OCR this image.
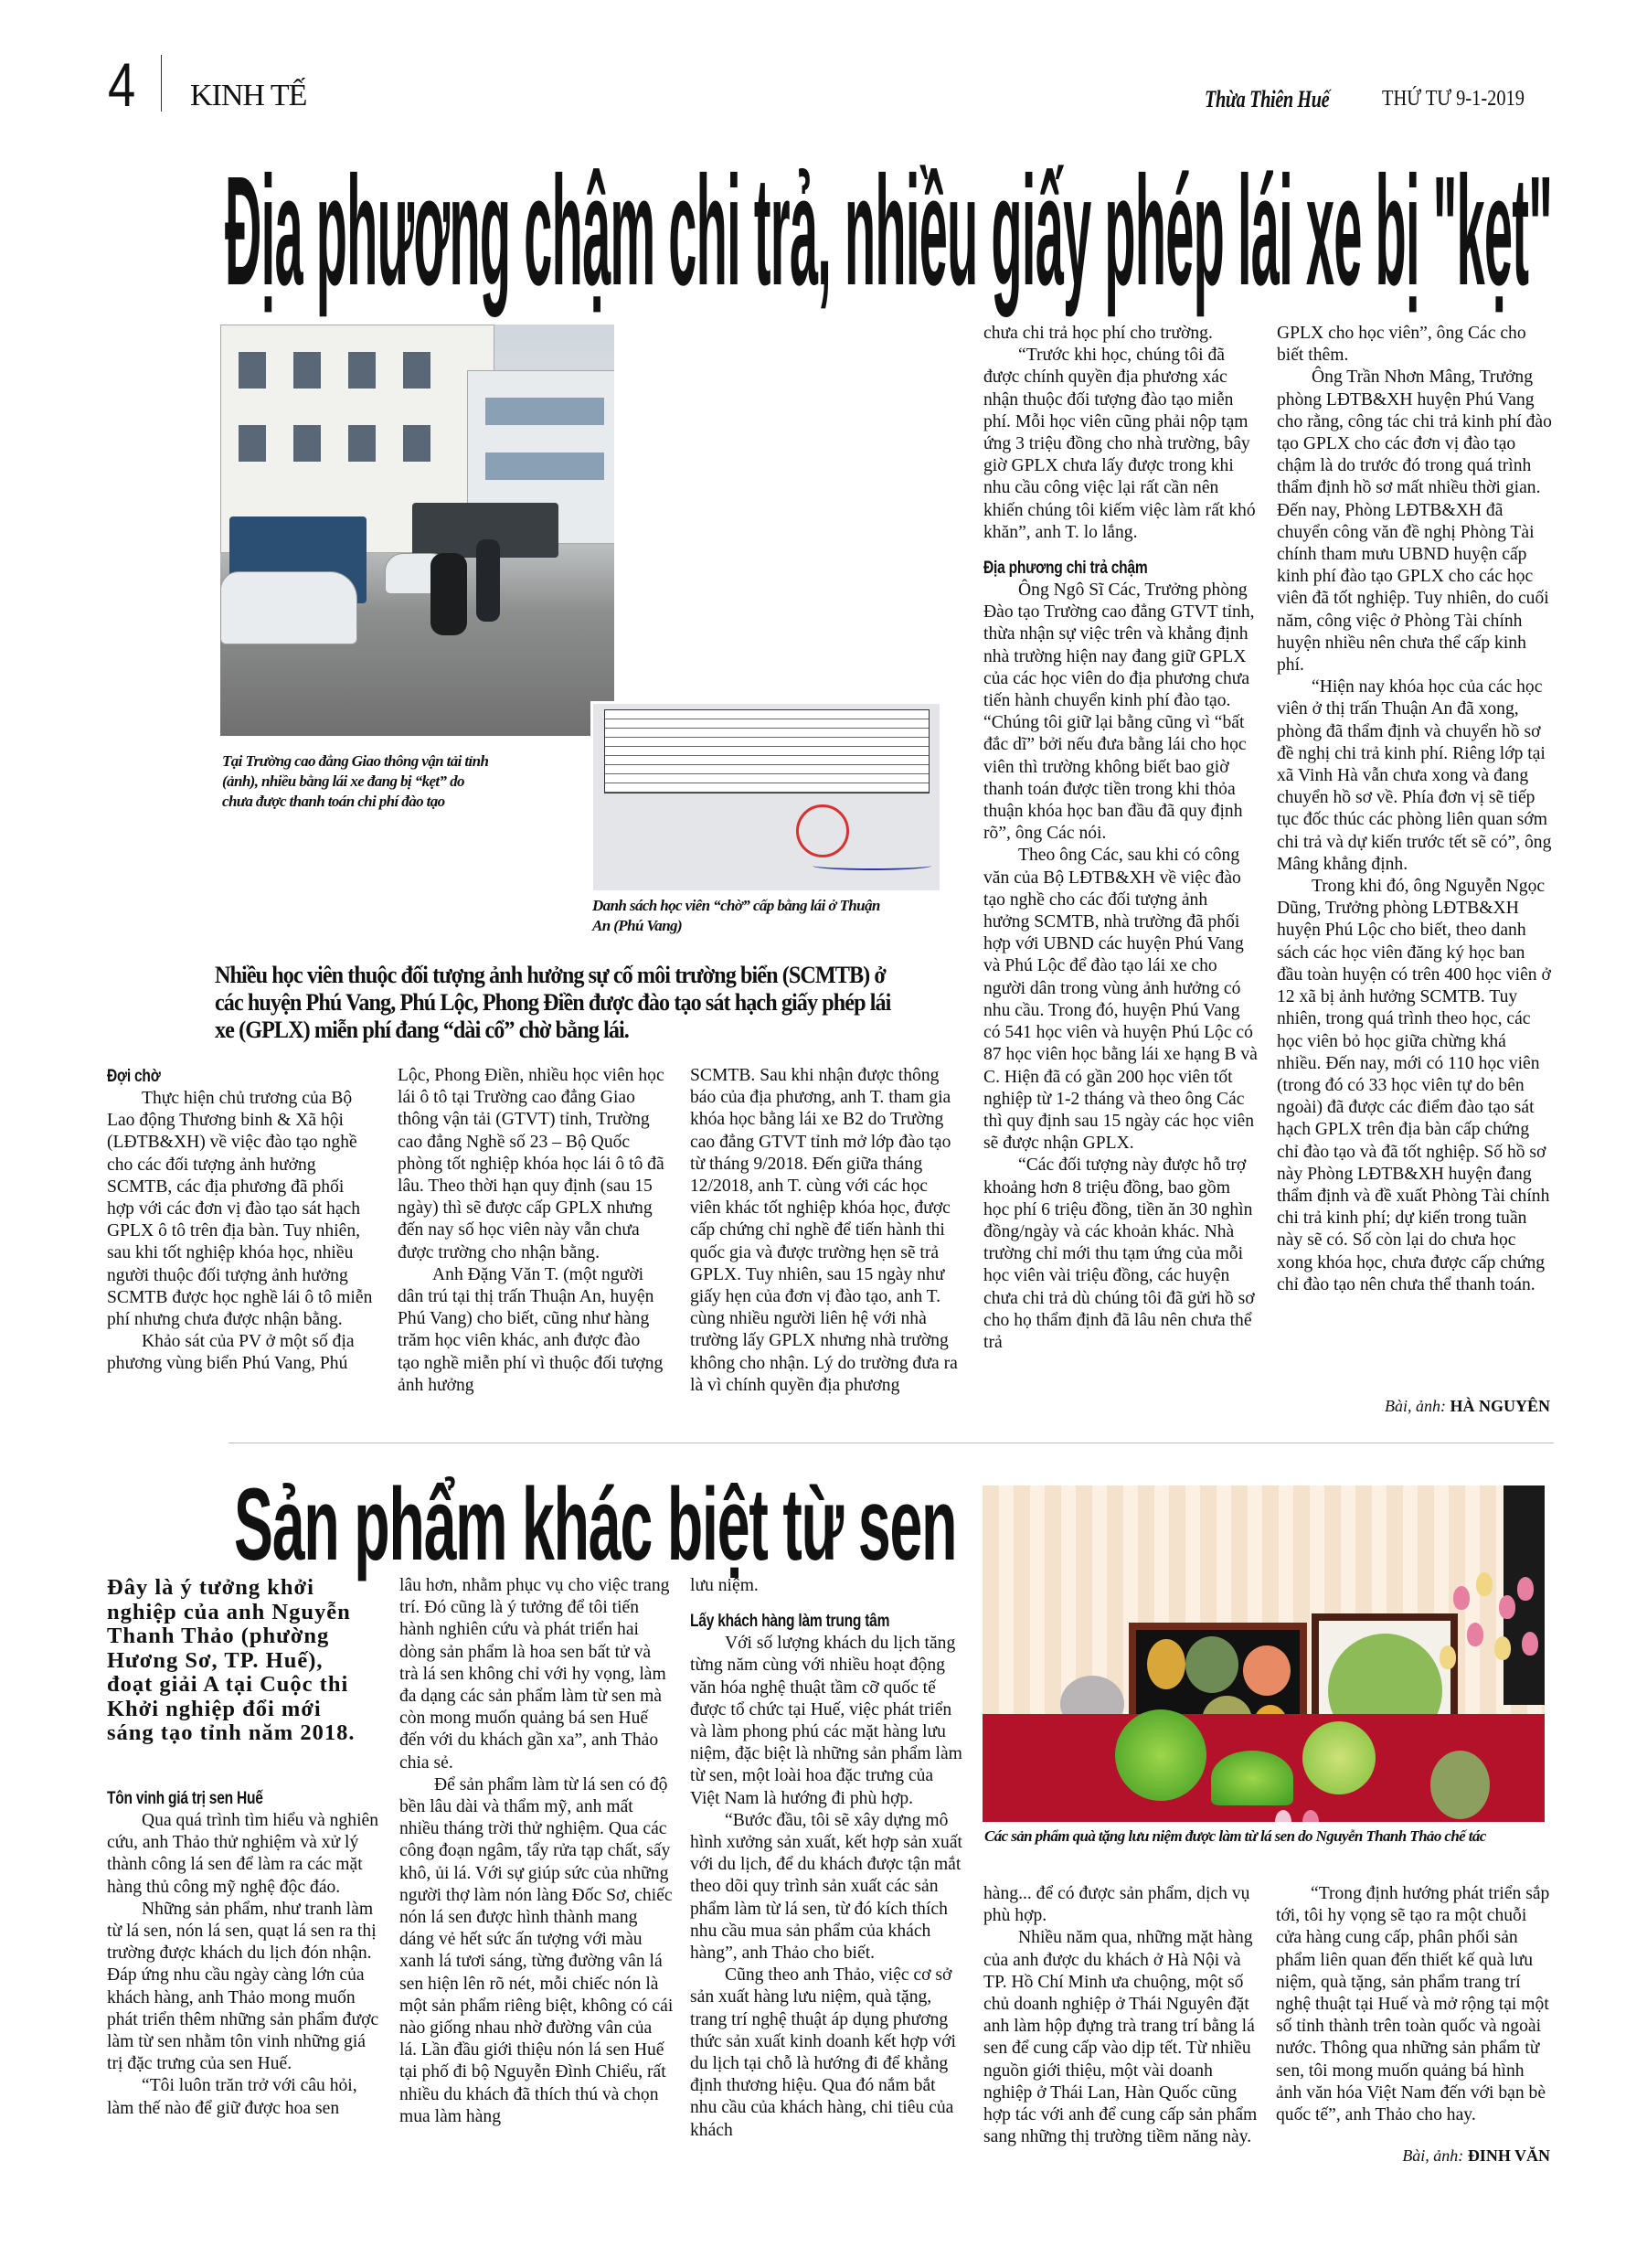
4 KINH TẾ	Thừa Thiên Huế THỨ TƯ 9-1-2019
Địa phương chậm chi trả, nhiều giấy phép lái xe bị "kẹt"
Tại Trường cao đẳng Giao thông vận tải tỉnh (ảnh), nhiều bằng lái xe đang bị “kẹt” do chưa được thanh toán chi phí đào tạo
Danh sách học viên “chờ” cấp bằng lái ở Thuận An (Phú Vang)
Nhiều học viên thuộc đối tượng ảnh hưởng sự cố môi trường biển (SCMTB) ở các huyện Phú Vang, Phú Lộc, Phong Điền được đào tạo sát hạch giấy phép lái xe (GPLX) miễn phí đang “dài cổ” chờ bằng lái.
Đợi chờ

Thực hiện chủ trương của Bộ Lao động Thương binh & Xã hội (LĐTB&XH) về việc đào tạo nghề cho các đối tượng ảnh hưởng SCMTB, các địa phương đã phối hợp với các đơn vị đào tạo sát hạch GPLX ô tô trên địa bàn. Tuy nhiên, sau khi tốt nghiệp khóa học, nhiều người thuộc đối tượng ảnh hưởng SCMTB được học nghề lái ô tô miễn phí nhưng chưa được nhận bằng.

Khảo sát của PV ở một số địa phương vùng biển Phú Vang, Phú

Lộc, Phong Điền, nhiều học viên học lái ô tô tại Trường cao đẳng Giao thông vận tải (GTVT) tỉnh, Trường cao đẳng Nghề số 23 – Bộ Quốc phòng tốt nghiệp khóa học lái ô tô đã lâu. Theo thời hạn quy định (sau 15 ngày) thì sẽ được cấp GPLX nhưng đến nay số học viên này vẫn chưa được trường cho nhận bằng.

Anh Đặng Văn T. (một người dân trú tại thị trấn Thuận An, huyện Phú Vang) cho biết, cũng như hàng trăm học viên khác, anh được đào tạo nghề miễn phí vì thuộc đối tượng ảnh hưởng

SCMTB. Sau khi nhận được thông báo của địa phương, anh T. tham gia khóa học bằng lái xe B2 do Trường cao đẳng GTVT tỉnh mở lớp đào tạo từ tháng 9/2018. Đến giữa tháng 12/2018, anh T. cùng với các học viên khác tốt nghiệp khóa học, được cấp chứng chỉ nghề để tiến hành thi quốc gia và được trường hẹn sẽ trả GPLX. Tuy nhiên, sau 15 ngày như giấy hẹn của đơn vị đào tạo, anh T. cùng nhiều người liên hệ với nhà trường lấy GPLX nhưng nhà trường không cho nhận. Lý do trường đưa ra là vì chính quyền địa phương

chưa chi trả học phí cho trường.

“Trước khi học, chúng tôi đã được chính quyền địa phương xác nhận thuộc đối tượng đào tạo miễn phí. Mỗi học viên cũng phải nộp tạm ứng 3 triệu đồng cho nhà trường, bây giờ GPLX chưa lấy được trong khi nhu cầu công việc lại rất cần nên khiến chúng tôi kiếm việc làm rất khó khăn”, anh T. lo lắng.

Địa phương chi trả chậm

Ông Ngô Sĩ Các, Trưởng phòng Đào tạo Trường cao đẳng GTVT tỉnh, thừa nhận sự việc trên và khẳng định nhà trường hiện nay đang giữ GPLX của các học viên do địa phương chưa tiến hành chuyển kinh phí đào tạo. “Chúng tôi giữ lại bằng cũng vì “bất đắc dĩ” bởi nếu đưa bằng lái cho học viên thì trường không biết bao giờ thanh toán được tiền trong khi thỏa thuận khóa học ban đầu đã quy định rõ”, ông Các nói.

Theo ông Các, sau khi có công văn của Bộ LĐTB&XH về việc đào tạo nghề cho các đối tượng ảnh hưởng SCMTB, nhà trường đã phối hợp với UBND các huyện Phú Vang và Phú Lộc để đào tạo lái xe cho người dân trong vùng ảnh hưởng có nhu cầu. Trong đó, huyện Phú Vang có 541 học viên và huyện Phú Lộc có 87 học viên học bằng lái xe hạng B và C. Hiện đã có gần 200 học viên tốt nghiệp từ 1-2 tháng và theo ông Các thì quy định sau 15 ngày các học viên sẽ được nhận GPLX.

“Các đối tượng này được hỗ trợ khoảng hơn 8 triệu đồng, bao gồm học phí 6 triệu đồng, tiền ăn 30 nghìn đồng/ngày và các khoản khác. Nhà trường chỉ mới thu tạm ứng của mỗi học viên vài triệu đồng, các huyện chưa chi trả dù chúng tôi đã gửi hồ sơ cho họ thẩm định đã lâu nên chưa thể trả

GPLX cho học viên”, ông Các cho biết thêm.

Ông Trần Nhơn Mâng, Trưởng phòng LĐTB&XH huyện Phú Vang cho rằng, công tác chi trả kinh phí đào tạo GPLX cho các đơn vị đào tạo chậm là do trước đó trong quá trình thẩm định hồ sơ mất nhiều thời gian. Đến nay, Phòng LĐTB&XH đã chuyển công văn đề nghị Phòng Tài chính tham mưu UBND huyện cấp kinh phí đào tạo GPLX cho các học viên đã tốt nghiệp. Tuy nhiên, do cuối năm, công việc ở Phòng Tài chính huyện nhiều nên chưa thể cấp kinh phí.

“Hiện nay khóa học của các học viên ở thị trấn Thuận An đã xong, phòng đã thẩm định và chuyển hồ sơ đề nghị chi trả kinh phí. Riêng lớp tại xã Vinh Hà vẫn chưa xong và đang chuyển hồ sơ về. Phía đơn vị sẽ tiếp tục đốc thúc các phòng liên quan sớm chi trả và dự kiến trước tết sẽ có”, ông Mâng khẳng định.

Trong khi đó, ông Nguyễn Ngọc Dũng, Trưởng phòng LĐTB&XH huyện Phú Lộc cho biết, theo danh sách các học viên đăng ký học ban đầu toàn huyện có trên 400 học viên ở 12 xã bị ảnh hưởng SCMTB. Tuy nhiên, trong quá trình theo học, các học viên bỏ học giữa chừng khá nhiều. Đến nay, mới có 110 học viên (trong đó có 33 học viên tự do bên ngoài) đã được các điểm đào tạo sát hạch GPLX trên địa bàn cấp chứng chỉ đào tạo và đã tốt nghiệp. Số hồ sơ này Phòng LĐTB&XH huyện đang thẩm định và đề xuất Phòng Tài chính chi trả kinh phí; dự kiến trong tuần này sẽ có. Số còn lại do chưa học xong khóa học, chưa được cấp chứng chỉ đào tạo nên chưa thể thanh toán.

Bài, ảnh: HÀ NGUYÊN
Sản phẩm khác biệt từ sen
Đây là ý tưởng khởi nghiệp của anh Nguyễn Thanh Thảo (phường Hương Sơ, TP. Huế), đoạt giải A tại Cuộc thi Khởi nghiệp đổi mới sáng tạo tỉnh năm 2018.
Các sản phẩm quà tặng lưu niệm được làm từ lá sen do Nguyễn Thanh Thảo chế tác
Tôn vinh giá trị sen Huế

Qua quá trình tìm hiểu và nghiên cứu, anh Thảo thử nghiệm và xử lý thành công lá sen để làm ra các mặt hàng thủ công mỹ nghệ độc đáo.

Những sản phẩm, như tranh làm từ lá sen, nón lá sen, quạt lá sen ra thị trường được khách du lịch đón nhận. Đáp ứng nhu cầu ngày càng lớn của khách hàng, anh Thảo mong muốn phát triển thêm những sản phẩm được làm từ sen nhằm tôn vinh những giá trị đặc trưng của sen Huế.

“Tôi luôn trăn trở với câu hỏi, làm thế nào để giữ được hoa sen

lâu hơn, nhằm phục vụ cho việc trang trí. Đó cũng là ý tưởng để tôi tiến hành nghiên cứu và phát triển hai dòng sản phẩm là hoa sen bất tử và trà lá sen không chỉ với hy vọng, làm đa dạng các sản phẩm làm từ sen mà còn mong muốn quảng bá sen Huế đến với du khách gần xa”, anh Thảo chia sẻ.

Để sản phẩm làm từ lá sen có độ bền lâu dài và thẩm mỹ, anh mất nhiều tháng trời thử nghiệm. Qua các công đoạn ngâm, tẩy rửa tạp chất, sấy khô, ủi lá. Với sự giúp sức của những người thợ làm nón làng Đốc Sơ, chiếc nón lá sen được hình thành mang dáng vẻ hết sức ấn tượng với màu xanh lá tươi sáng, từng đường vân lá sen hiện lên rõ nét, mỗi chiếc nón là một sản phẩm riêng biệt, không có cái nào giống nhau nhờ đường vân của lá. Lần đầu giới thiệu nón lá sen Huế tại phố đi bộ Nguyễn Đình Chiểu, rất nhiều du khách đã thích thú và chọn mua làm hàng

lưu niệm.

Lấy khách hàng làm trung tâm

Với số lượng khách du lịch tăng từng năm cùng với nhiều hoạt động văn hóa nghệ thuật tầm cỡ quốc tế được tổ chức tại Huế, việc phát triển và làm phong phú các mặt hàng lưu niệm, đặc biệt là những sản phẩm làm từ sen, một loài hoa đặc trưng của Việt Nam là hướng đi phù hợp.

“Bước đầu, tôi sẽ xây dựng mô hình xưởng sản xuất, kết hợp sản xuất với du lịch, để du khách được tận mắt theo dõi quy trình sản xuất các sản phẩm làm từ lá sen, từ đó kích thích nhu cầu mua sản phẩm của khách hàng”, anh Thảo cho biết.

Cũng theo anh Thảo, việc cơ sở sản xuất hàng lưu niệm, quà tặng, trang trí nghệ thuật áp dụng phương thức sản xuất kinh doanh kết hợp với du lịch tại chỗ là hướng đi để khẳng định thương hiệu. Qua đó nắm bắt nhu cầu của khách hàng, chi tiêu của khách

hàng... để có được sản phẩm, dịch vụ phù hợp.

Nhiều năm qua, những mặt hàng của anh được du khách ở Hà Nội và TP. Hồ Chí Minh ưa chuộng, một số chủ doanh nghiệp ở Thái Nguyên đặt anh làm hộp đựng trà trang trí bằng lá sen để cung cấp vào dịp tết. Từ nhiều nguồn giới thiệu, một vài doanh nghiệp ở Thái Lan, Hàn Quốc cũng hợp tác với anh để cung cấp sản phẩm sang những thị trường tiềm năng này.

“Trong định hướng phát triển sắp tới, tôi hy vọng sẽ tạo ra một chuỗi cửa hàng cung cấp, phân phối sản phẩm liên quan đến thiết kế quà lưu niệm, quà tặng, sản phẩm trang trí nghệ thuật tại Huế và mở rộng tại một số tỉnh thành trên toàn quốc và ngoài nước. Thông qua những sản phẩm từ sen, tôi mong muốn quảng bá hình ảnh văn hóa Việt Nam đến với bạn bè quốc tế”, anh Thảo cho hay.

Bài, ảnh: ĐINH VĂN
